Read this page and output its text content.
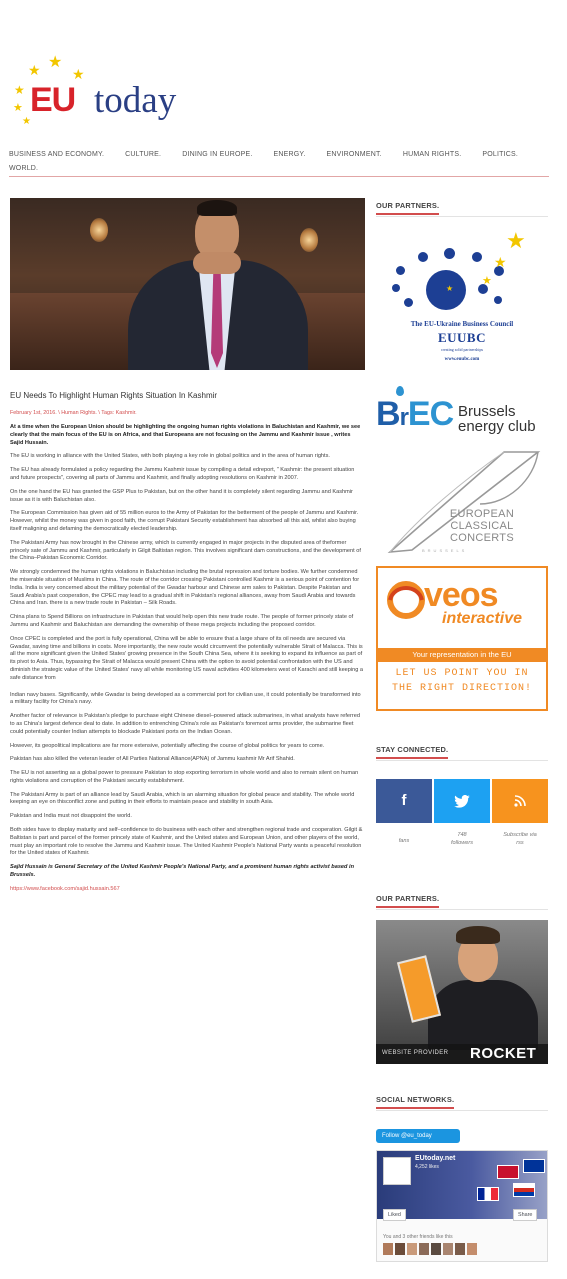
★ ★
★
★
★
★
EU today
BUSINESS AND ECONOMY.	CULTURE.	DINING IN EUROPE.	ENERGY.	ENVIRONMENT.	HUMAN RIGHTS.	POLITICS.
WORLD.
EU Needs To Highlight Human Rights Situation In Kashmir
February 1st, 2016. \ Human Rights. \ Tags: Kashmir.
At a time when the European Union should be highlighting the ongoing human rights violations in Baluchistan and Kashmir, we see clearly that the main focus of the EU is on Africa, and that Europeans are not focusing on the Jammu and Kashmir issue , writes Sajid Hussain.

The EU is working in alliance with the United States, with both playing a key role in global politics and in the area of human rights.

The EU has already formulated a policy regarding the Jammu Kashmir issue by compiling a detail edreport, " Kashmir: the present situation and future prospects", covering all parts of Jammu and Kashmir, and finally adopting resolutions on Kashmir in 2007.

On the one hand the EU has granted the GSP Plus to Pakistan, but on the other hand it is completely silent regarding Jammu and Kashmir issue as it is with Baluchistan also.

The European Commission has given aid of 55 million euros to the Army of Pakistan for the betterment of the people of Jammu and Kashmir. However, whilst the money was given in good faith, the corrupt Pakistani Security establishment has absorbed all this aid, whilst also buying itself maligning and defaming the democratically elected leadership.

The Pakistani Army has now brought in the Chinese army, which is currently engaged in major projects in the disputed area of theformer princely sate of Jammu and Kashmir, particularly in Gilgit Baltistan region. This involves significant dam constructions, and the development of the China–Pakistan Economic Corridor.

We strongly condemned the human rights violations in Baluchistan including the brutal repression and torture bodies. We further condemned the miserable situation of Muslims in China. The route of the corridor crossing Pakistani controlled Kashmir is a serious point of contention for India. India is very concerned about the military potential of the Gwadar harbour and Chinese arm sales to Pakistan. Despite Pakistan and Saudi Arabia's past cooperation, the CPEC may lead to a gradual shift in Pakistan's regional alliances, away from Saudi Arabia and towards China and Iran. there is a new trade route in Pakistan – Silk Roads.

China plans to Spend Billions on infrastructure in Pakistan that would help open this new trade route. The people of former princely state of Jammu and Kashmir and Baluchistan are demanding the ownership of these mega projects including the proposed corridor.

Once CPEC is completed and the port is fully operational, China will be able to ensure that a large share of its oil needs are secured via Gwadar, saving time and billions in costs. More importantly, the new route would circumvent the potentially vulnerable Strait of Malacca. This is all the more significant given the United States' growing presence in the South China Sea, where it is seeking to expand its influence as part of its pivot to Asia. Thus, bypassing the Strait of Malacca would present China with the option to avoid potential confrontation with the US and diminish the strategic value of the United States' navy all while monitoring US naval activities 400 kilometers west of Karachi and still keeping a safe distance from

Indian navy bases. Significantly, while Gwadar is being developed as a commercial port for civilian use, it could potentially be transformed into a military facility for China's navy.

Another factor of relevance is Pakistan's pledge to purchase eight Chinese diesel–powered attack submarines, in what analysts have referred to as China's largest defence deal to date. In addition to entrenching China's role as Pakistan's foremost arms provider, the submarine fleet could potentially counter Indian attempts to blockade Pakistani ports on the Indian Ocean.

However, its geopolitical implications are far more extensive, potentially affecting the course of global politics for years to come.

Pakistan has also killed the veteran leader of All Parties National Alliance(APNA) of Jammu kashmir Mr Arif Shahid.

The EU is not asserting as a global power to pressure Pakistan to stop exporting terrorism in whole world and also to remain silent on human rights violations and corruption of the Pakistani security establishment.

The Pakistani Army is part of an alliance lead by Saudi Arabia, which is an alarming situation for global peace and stability. The whole world keeping an eye on thisconflict zone and putting in their efforts to maintain peace and stability in south Asia.

Pakistan and India must not disappoint the world.

Both sides have to display maturity and self–confidence to do business with each other and strengthen regional trade and cooperation. Gilgit & Baltistan is part and parcel of the former princely state of Kashmir, and the United states and European Union, and other players of the world, must play an important role to resolve the Jammu and Kashmir issue. The United Kashmir People's National Party wants a peaceful resolution for the United states of Kashmir.

Sajid Hussain is General Secretary of the United Kashmir People's National Party, and a prominent human rights activist based in Brussels.

https://www.facebook.com/sajid.hussain.567

OUR PARTNERS.
★
★
★
★
The EU-Ukraine Business Council
EUUBC
creating solid partnerships
www.euubc.com
BrEC Brussels
energy club
EUROPEAN
CLASSICAL
CONCERTS
BRUSSELS
veos
interactive
Your representation in the EU
LET US POINT YOU IN
THE RIGHT DIRECTION!
STAY CONNECTED.
f
fans
748
followers
Subscribe via
rss
OUR PARTNERS.
WEBSITE PROVIDER ROCKET
SOCIAL NETWORKS.
Follow @eu_today
EUtoday.net
4,252 likes
Liked	Share
You and 3 other friends like this
